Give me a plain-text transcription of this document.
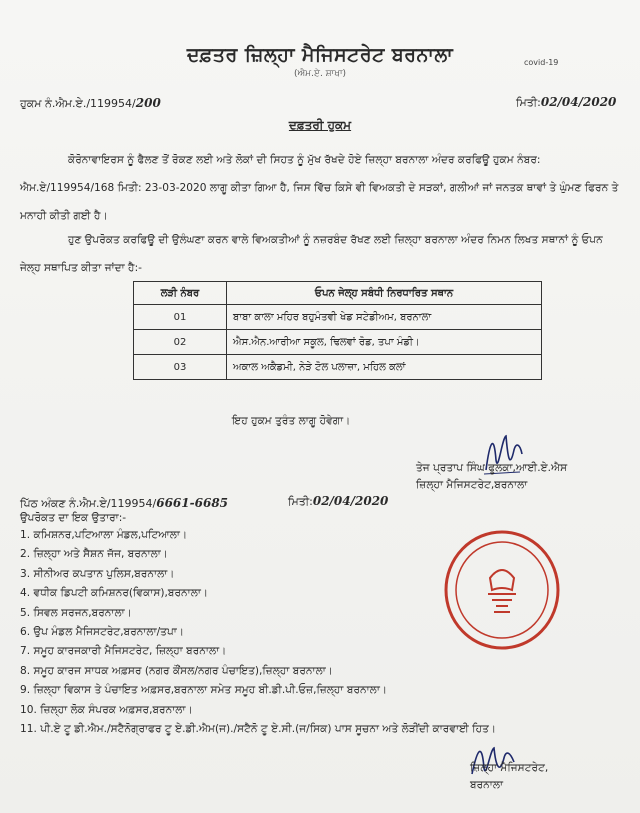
ਦਫ਼ਤਰ ਜ਼ਿਲ੍ਹਾ ਮੈਜਿਸਟਰੇਟ ਬਰਨਾਲਾ
(ਐਮ.ਏ. ਸ਼ਾਖਾ)
covid-19
ਹੁਕਮ ਨੰ.ਐਮ.ਏ./119954/200	ਮਿਤੀ:02/04/2020
ਦਫ਼ਤਰੀ ਹੁਕਮ
ਕੋਰੋਨਾਵਾਇਰਸ ਨੂੰ ਫੈਲਣ ਤੋਂ ਰੋਕਣ ਲਈ ਅਤੇ ਲੋਕਾਂ ਦੀ ਸਿਹਤ ਨੂੰ ਮੁੱਖ ਰੱਖਦੇ ਹੋਏ ਜ਼ਿਲ੍ਹਾ ਬਰਨਾਲਾ ਅੰਦਰ ਕਰਫਿਊ ਹੁਕਮ ਨੰਬਰ: ਐਮ.ਏ/119954/168 ਮਿਤੀ: 23-03-2020 ਲਾਗੂ ਕੀਤਾ ਗਿਆ ਹੈ, ਜਿਸ ਵਿੱਚ ਕਿਸੇ ਵੀ ਵਿਅਕਤੀ ਦੇ ਸੜਕਾਂ, ਗਲੀਆਂ ਜਾਂ ਜਨਤਕ ਥਾਵਾਂ ਤੇ ਘੁੰਮਣ ਫਿਰਨ ਤੇ ਮਨਾਹੀ ਕੀਤੀ ਗਈ ਹੈ।
ਹੁਣ ਉਪਰੋਕਤ ਕਰਫਿਊ ਦੀ ਉਲੰਘਣਾ ਕਰਨ ਵਾਲੇ ਵਿਅਕਤੀਆਂ ਨੂੰ ਨਜ਼ਰਬੰਦ ਰੱਖਣ ਲਈ ਜ਼ਿਲ੍ਹਾ ਬਰਨਾਲਾ ਅੰਦਰ ਨਿਮਨ ਲਿਖਤ ਸਥਾਨਾਂ ਨੂੰ ਓਪਨ ਜੇਲ੍ਹ ਸਥਾਪਿਤ ਕੀਤਾ ਜਾਂਦਾ ਹੈ:-
ਲੜੀ ਨੰਬਰ	ਓਪਨ ਜੇਲ੍ਹ ਸਬੰਧੀ ਨਿਰਧਾਰਿਤ ਸਥਾਨ
01	ਬਾਬਾ ਕਾਲਾ ਮਹਿਰ ਬਹੁਮੰਤਵੀ ਖੇਡ ਸਟੇਡੀਅਮ, ਬਰਨਾਲਾ
02	ਐਸ.ਐਨ.ਆਰੀਆ ਸਕੂਲ, ਢਿਲਵਾਂ ਰੋਡ, ਤਪਾ ਮੰਡੀ।
03	ਅਕਾਲ ਅਕੈਡਮੀ, ਨੇੜੇ ਟੋਲ ਪਲਾਜ਼ਾ, ਮਹਿਲ ਕਲਾਂ
ਇਹ ਹੁਕਮ ਤੁਰੰਤ ਲਾਗੂ ਹੋਵੇਗਾ।
ਤੇਜ ਪ੍ਰਤਾਪ ਸਿੰਘ ਫੂਲਕਾ,ਆਈ.ਏ.ਐਸ
ਜ਼ਿਲ੍ਹਾ ਮੈਜਿਸਟਰੇਟ,ਬਰਨਾਲਾ
ਪਿੱਠ ਅੰਕਣ ਨੰ.ਐਮ.ਏ/119954/6661-6685	ਮਿਤੀ:02/04/2020
ਉਪਰੋਕਤ ਦਾ ਇਕ ਉਤਾਰਾ:-
1. ਕਮਿਸ਼ਨਰ,ਪਟਿਆਲਾ ਮੰਡਲ,ਪਟਿਆਲਾ।
2. ਜ਼ਿਲ੍ਹਾ ਅਤੇ ਸੈਸ਼ਨ ਜੱਜ, ਬਰਨਾਲਾ।
3. ਸੀਨੀਅਰ ਕਪਤਾਨ ਪੁਲਿਸ,ਬਰਨਾਲਾ।
4. ਵਧੀਕ ਡਿਪਟੀ ਕਮਿਸ਼ਨਰ(ਵਿਕਾਸ),ਬਰਨਾਲਾ।
5. ਸਿਵਲ ਸਰਜਨ,ਬਰਨਾਲਾ।
6. ਉਪ ਮੰਡਲ ਮੈਜਿਸਟਰੇਟ,ਬਰਨਾਲਾ/ਤਪਾ।
7. ਸਮੂਹ ਕਾਰਜਕਾਰੀ ਮੈਜਿਸਟਰੇਟ, ਜ਼ਿਲ੍ਹਾ ਬਰਨਾਲਾ।
8. ਸਮੂਹ ਕਾਰਜ ਸਾਧਕ ਅਫ਼ਸਰ (ਨਗਰ ਕੌਂਸਲ/ਨਗਰ ਪੰਚਾਇਤ),ਜ਼ਿਲ੍ਹਾ ਬਰਨਾਲਾ।
9. ਜ਼ਿਲ੍ਹਾ ਵਿਕਾਸ ਤੇ ਪੰਚਾਇਤ ਅਫ਼ਸਰ,ਬਰਨਾਲਾ ਸਮੇਤ ਸਮੂਹ ਬੀ.ਡੀ.ਪੀ.ਓਜ਼,ਜ਼ਿਲ੍ਹਾ ਬਰਨਾਲਾ।
10. ਜ਼ਿਲ੍ਹਾ ਲੋਕ ਸੰਪਰਕ ਅਫ਼ਸਰ,ਬਰਨਾਲਾ।
11. ਪੀ.ਏ ਟੂ ਡੀ.ਐਮ./ਸਟੈਨੋਗ੍ਰਾਫਰ ਟੂ ਏ.ਡੀ.ਐਮ(ਜ)./ਸਟੈਨੋ ਟੂ ਏ.ਸੀ.(ਜ/ਸਿਕ) ਪਾਸ ਸੂਚਨਾ ਅਤੇ ਲੋੜੀਂਦੀ ਕਾਰਵਾਈ ਹਿਤ।
ਜ਼ਿਲ੍ਹਾ ਮੈਜਿਸਟਰੇਟ,
ਬਰਨਾਲਾ
